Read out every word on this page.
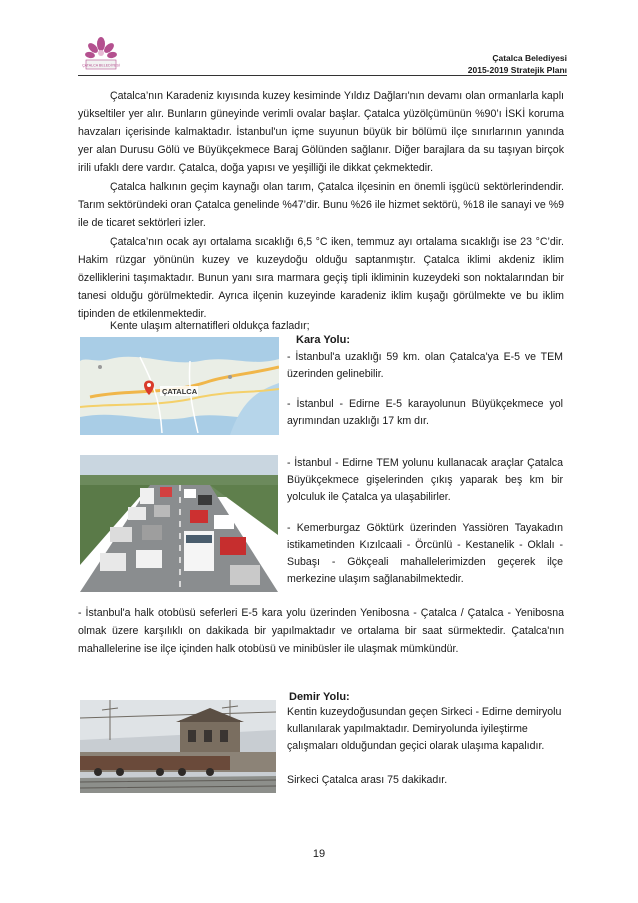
ÇATALCA BELEDİYESİ
Çatalca Belediyesi
2015-2019 Stratejik Planı
Çatalca’nın Karadeniz kıyısında kuzey kesiminde Yıldız Dağları'nın devamı olan ormanlarla kaplı yükseltiler yer alır. Bunların güneyinde verimli ovalar başlar. Çatalca yüzölçümünün %90’ı İSKİ koruma havzaları içerisinde kalmaktadır. İstanbul'un içme suyunun büyük bir bölümü ilçe sınırlarının yanında yer alan Durusu Gölü ve Büyükçekmece Baraj Gölünden sağlanır. Diğer barajlara da su taşıyan birçok irili ufaklı dere vardır. Çatalca, doğa yapısı ve yeşilliği ile dikkat çekmektedir.
Çatalca halkının geçim kaynağı olan tarım, Çatalca ilçesinin en önemli işgücü sektörlerindendir. Tarım sektöründeki oran Çatalca genelinde %47’dir. Bunu %26 ile hizmet sektörü, %18 ile sanayi ve %9 ile de ticaret sektörleri izler.
Çatalca’nın ocak ayı ortalama sıcaklığı 6,5 °C iken, temmuz ayı ortalama sıcaklığı ise 23 °C’dir. Hakim rüzgar yönünün kuzey ve kuzeydoğu olduğu saptanmıştır. Çatalca iklimi akdeniz iklim özelliklerini taşımaktadır. Bunun yanı sıra marmara geçiş tipli ikliminin kuzeydeki son noktalarından bir tanesi olduğu görülmektedir. Ayrıca ilçenin kuzeyinde karadeniz iklim kuşağı görülmekte ve bu iklim tipinden de etkilenmektedir.
Kente ulaşım alternatifleri oldukça fazladır;
Kara Yolu:
ÇATALCA
- İstanbul'a uzaklığı 59 km. olan Çatalca'ya E-5 ve TEM üzerinden gelinebilir.
- İstanbul - Edirne E-5 karayolunun Büyükçekmece yol ayrımından uzaklığı 17 km dır.
- İstanbul - Edirne TEM yolunu kullanacak araçlar Çatalca Büyükçekmece gişelerinden çıkış yaparak beş km bir yolculuk ile Çatalca ya ulaşabilirler.
- Kemerburgaz Göktürk üzerinden Yassiören Tayakadın istikametinden Kızılcaali - Örcünlü - Kestanelik - Oklalı - Subaşı - Gökçeali mahallelerimizden geçerek ilçe merkezine ulaşım sağlanabilmektedir.
- İstanbul'a halk otobüsü seferleri E-5 kara yolu üzerinden Yenibosna - Çatalca / Çatalca - Yenibosna olmak üzere karşılıklı on dakikada bir yapılmaktadır ve ortalama bir saat sürmektedir. Çatalca'nın mahallelerine ise ilçe içinden halk otobüsü ve minibüsler ile ulaşmak mümkündür.
Demir Yolu:
Kentin kuzeydoğusundan geçen Sirkeci - Edirne demiryolu kullanılarak yapılmaktadır. Demiryolunda iyileştirme çalışmaları olduğundan geçici olarak ulaşıma kapalıdır.
Sirkeci Çatalca arası 75 dakikadır.
19
